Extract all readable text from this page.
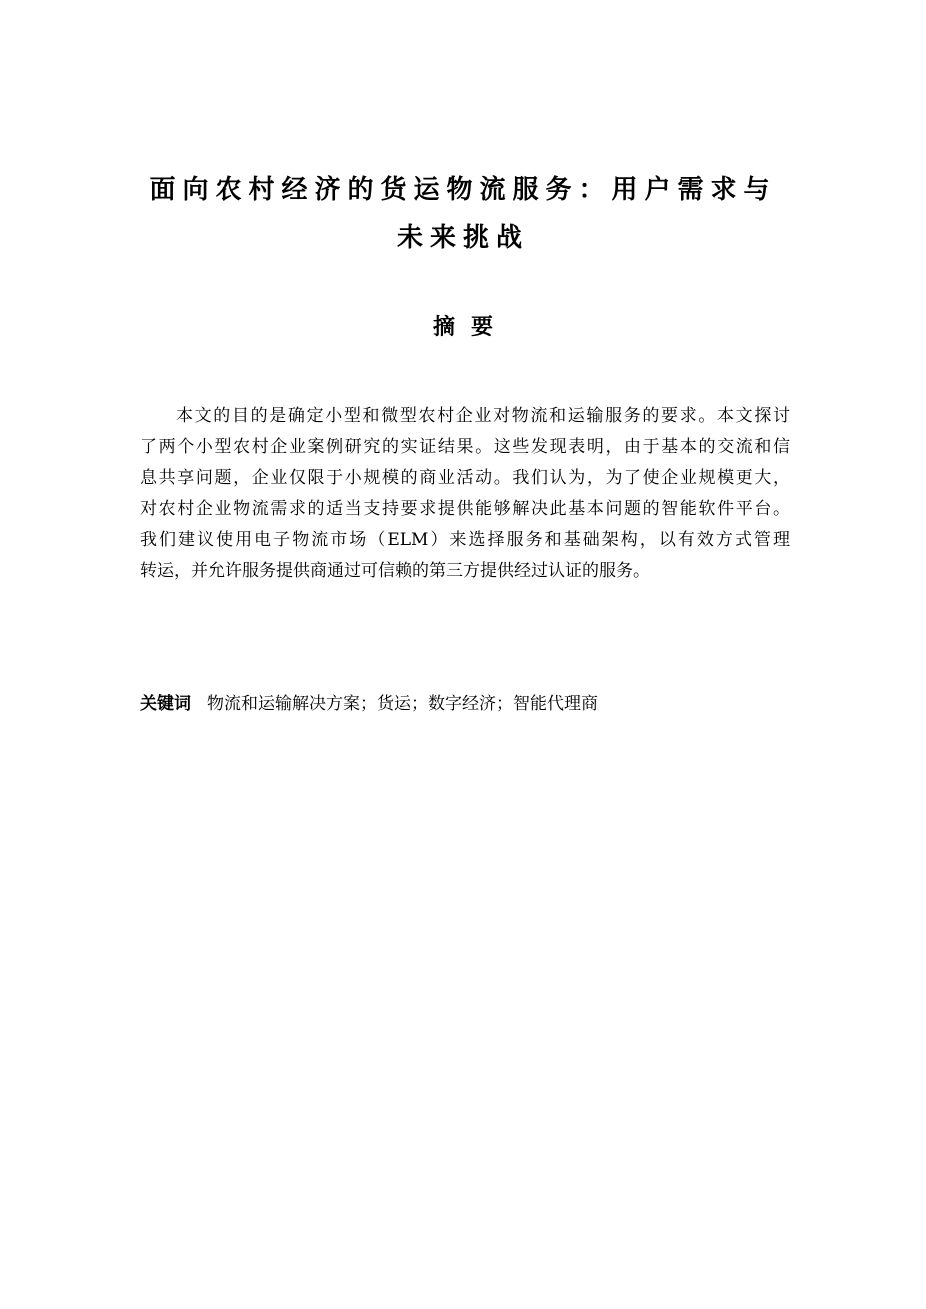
面向农村经济的货运物流服务：用户需求与
未来挑战
摘要
本文的目的是确定小型和微型农村企业对物流和运输服务的要求。本文探讨
了两个小型农村企业案例研究的实证结果。这些发现表明，由于基本的交流和信
息共享问题，企业仅限于小规模的商业活动。我们认为，为了使企业规模更大，
对农村企业物流需求的适当支持要求提供能够解决此基本问题的智能软件平台。
我们建议使用电子物流市场（ELM）来选择服务和基础架构，以有效方式管理
转运，并允许服务提供商通过可信赖的第三方提供经过认证的服务。

关键词 物流和运输解决方案；货运；数字经济；智能代理商
